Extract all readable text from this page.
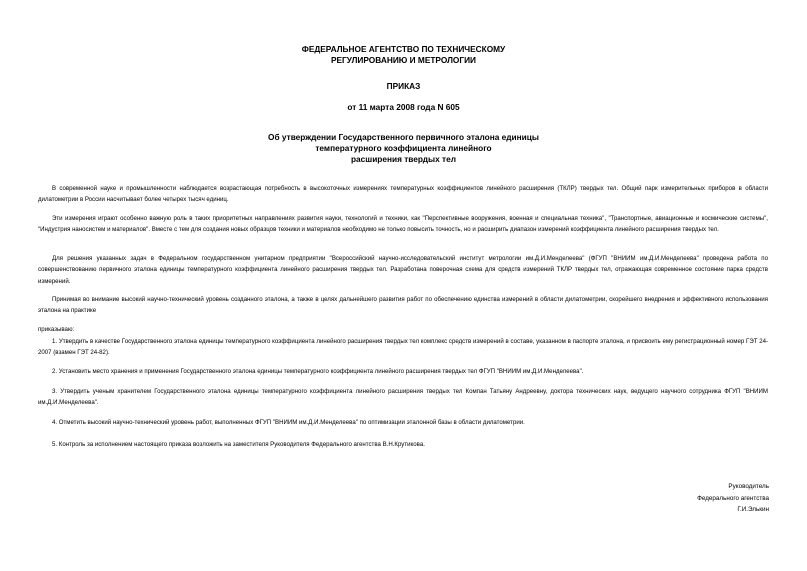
ФЕДЕРАЛЬНОЕ АГЕНТСТВО ПО ТЕХНИЧЕСКОМУ
РЕГУЛИРОВАНИЮ И МЕТРОЛОГИИ
ПРИКАЗ
от 11 марта 2008 года N 605
Об утверждении Государственного первичного эталона единицы
температурного коэффициента линейного
расширения твердых тел
В современной науке и промышленности наблюдается возрастающая потребность в высокоточных измерениях температурных коэффициентов линейного расширения (ТКЛР) твердых тел. Общий парк измерительных приборов в области дилатометрии в России насчитывает более четырех тысяч единиц.
Эти измерения играют особенно важную роль в таких приоритетных направлениях развития науки, технологий и техники, как "Перспективные вооружения, военная и специальная техника", "Транспортные, авиационные и космические системы", "Индустрия наносистем и материалов". Вместе с тем для создания новых образцов техники и материалов необходимо не только повысить точность, но и расширить диапазон измерений коэффициента линейного расширения твердых тел.
Для решения указанных задач в Федеральном государственном унитарном предприятии "Всероссийский научно-исследовательский институт метрологии им.Д.И.Менделеева" (ФГУП "ВНИИМ им.Д.И.Менделеева" проведена работа по совершенствованию первичного эталона единицы температурного коэффициента линейного расширения твердых тел. Разработана поверочная схема для средств измерений ТКЛР твердых тел, отражающая современное состояние парка средств измерений.
Принимая во внимание высокий научно-технический уровень созданного эталона, а также в целях дальнейшего развития работ по обеспечению единства измерений в области дилатометрии, скорейшего внедрения и эффективного использования эталона на практике
приказываю:
1. Утвердить в качестве Государственного эталона единицы температурного коэффициента линейного расширения твердых тел комплекс средств измерений в составе, указанном в паспорте эталона, и присвоить ему регистрационный номер ГЭТ 24-2007 (взамен ГЭТ 24-82).
2. Установить место хранения и применения Государственного эталона единицы температурного коэффициента линейного расширения твердых тел ФГУП "ВНИИМ им.Д.И.Менделеева".
3. Утвердить ученым хранителем Государственного эталона единицы температурного коэффициента линейного расширения твердых тел Компан Татьяну Андреевну, доктора технических наук, ведущего научного сотрудника ФГУП "ВНИИМ им.Д.И.Менделеева".
4. Отметить высокий научно-технический уровень работ, выполненных ФГУП "ВНИИМ им.Д.И.Менделеева" по оптимизации эталонной базы в области дилатометрии.
5. Контроль за исполнением настоящего приказа возложить на заместителя Руководителя Федерального агентства В.Н.Крутикова.
Руководитель
Федерального агентства
Г.И.Элькин
